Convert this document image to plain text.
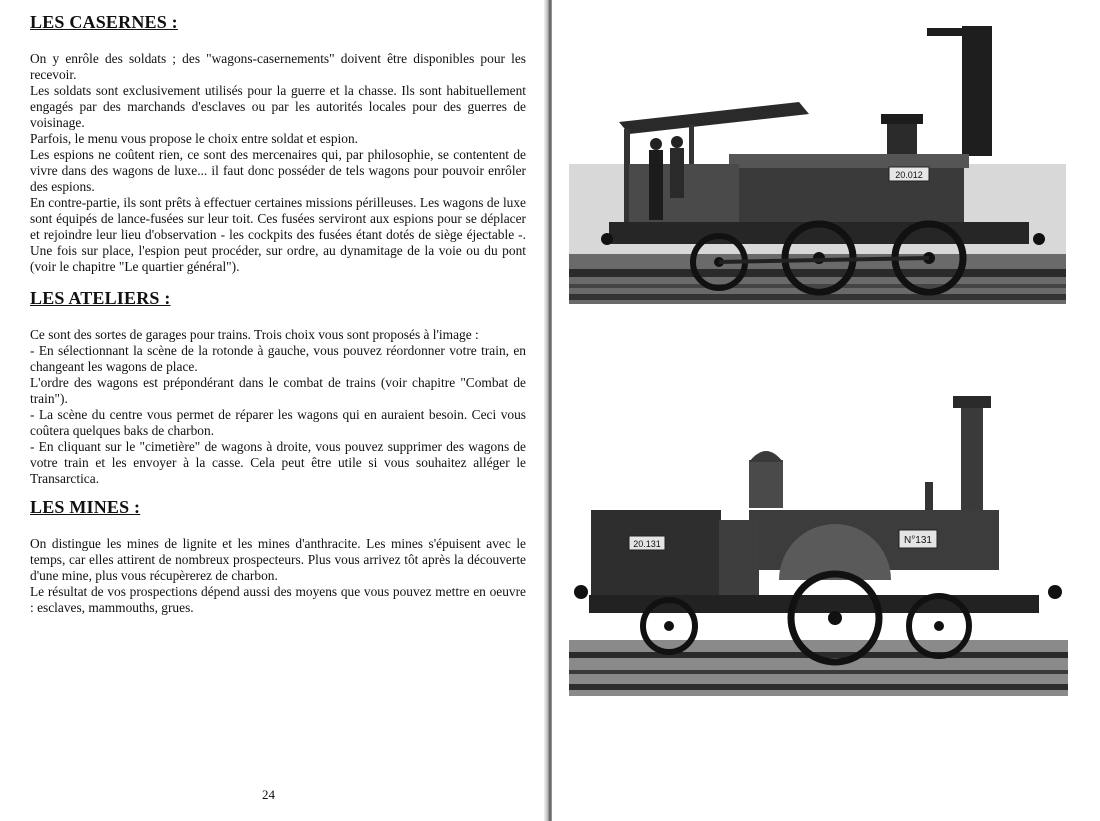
LES CASERNES :

On y enrôle des soldats ; des "wagons-casernements" doivent être disponibles pour les recevoir.

Les soldats sont exclusivement utilisés pour la guerre et la chasse. Ils sont habituellement engagés par des marchands d'esclaves ou par les autorités locales pour des guerres de voisinage.

Parfois, le menu vous propose le choix entre soldat et espion.

Les espions ne coûtent rien, ce sont des mercenaires qui, par philosophie, se contentent de vivre dans des wagons de luxe... il faut donc posséder de tels wagons pour pouvoir enrôler des espions.

En contre-partie, ils sont prêts à effectuer certaines missions périlleuses. Les wagons de luxe sont équipés de lance-fusées sur leur toit. Ces fusées serviront aux espions pour se déplacer et rejoindre leur lieu d'observation - les cockpits des fusées étant dotés de siège éjectable -. Une fois sur place, l'espion peut procéder, sur ordre, au dynamitage de la voie ou du pont (voir le chapitre "Le quartier général").

LES ATELIERS :

Ce sont des sortes de garages pour trains. Trois choix vous sont proposés à l'image :

- En sélectionnant la scène de la rotonde à gauche, vous pouvez réordonner votre train, en changeant les wagons de place.

L'ordre des wagons est prépondérant dans le combat de trains (voir chapitre "Combat de train").

- La scène du centre vous permet de réparer les wagons qui en auraient besoin. Ceci vous coûtera quelques baks de charbon.

- En cliquant sur le "cimetière" de wagons à droite, vous pouvez supprimer des wagons de votre train et les envoyer à la casse. Cela peut être utile si vous souhaitez alléger le Transarctica.

LES MINES :

On distingue les mines de lignite et les mines d'anthracite. Les mines s'épuisent avec le temps, car elles attirent de nombreux prospecteurs. Plus vous arrivez tôt après la découverte d'une mine, plus vous récupèrerez de charbon.

Le résultat de vos prospections dépend aussi des moyens que vous pouvez mettre en oeuvre : esclaves, mammouths, grues.

24
20.012
N°131
20.131
